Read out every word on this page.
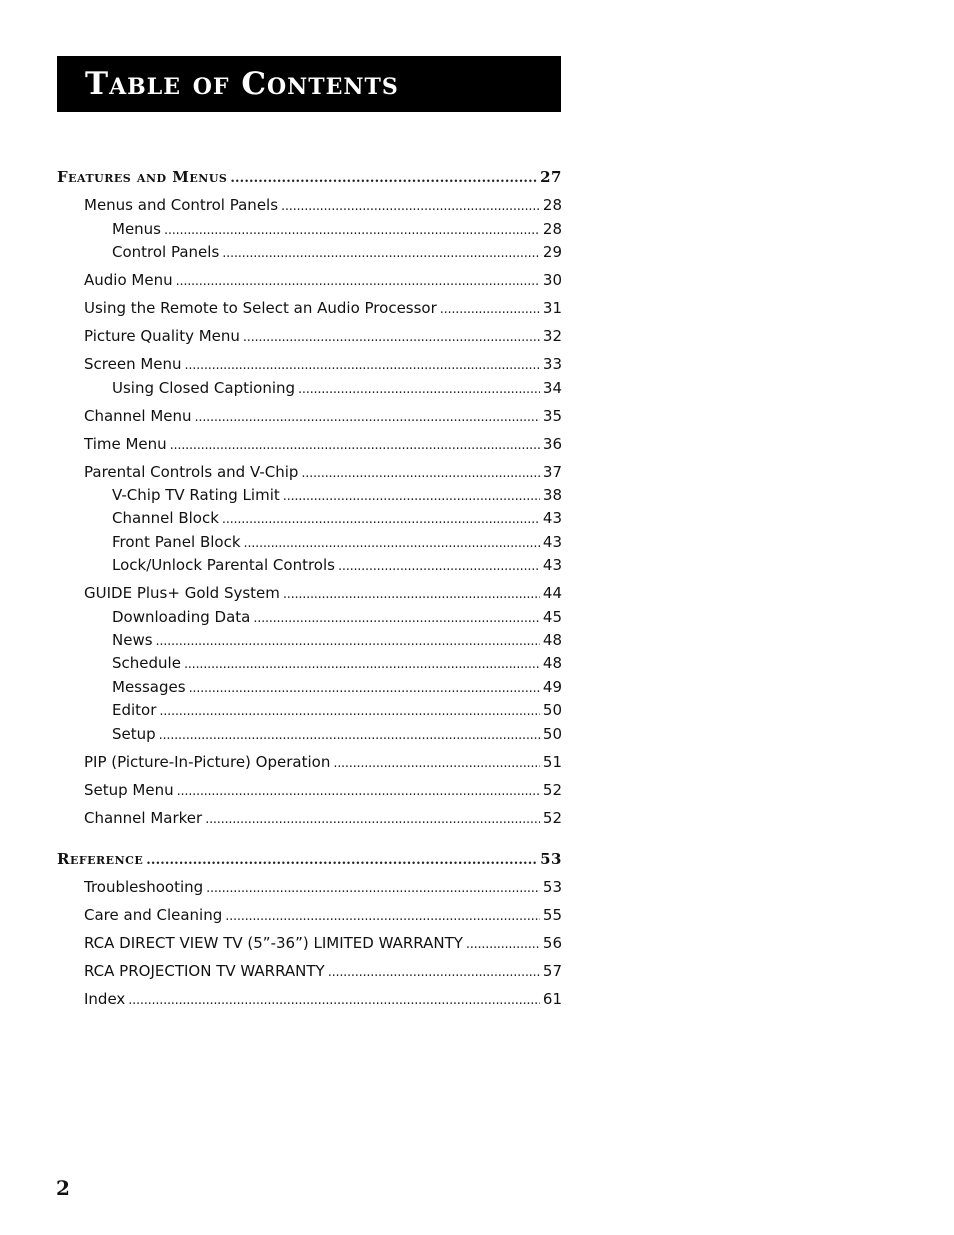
Table of Contents
Features and Menus . . .	27
Menus and Control Panels . . .	28
Menus . . .	28
Control Panels . . .	29
Audio Menu . . .	30
Using the Remote to Select an Audio Processor . . .	31
Picture Quality Menu . . .	32
Screen Menu . . .	33
Using Closed Captioning . . .	34
Channel Menu . . .	35
Time Menu . . .	36
Parental Controls and V-Chip . . .	37
V-Chip TV Rating Limit . . .	38
Channel Block . . .	43
Front Panel Block . . .	43
Lock/Unlock Parental Controls . . .	43
GUIDE Plus+ Gold System . . .	44
Downloading Data . . .	45
News . . .	48
Schedule . . .	48
Messages . . .	49
Editor . . .	50
Setup . . .	50
PIP (Picture-In-Picture) Operation . . .	51
Setup Menu . . .	52
Channel Marker . . .	52
Reference . . .	53
Troubleshooting . . .	53
Care and Cleaning . . .	55
RCA DIRECT VIEW TV (5”-36”) LIMITED WARRANTY . . .	56
RCA PROJECTION TV WARRANTY . . .	57
Index . . .	61
2
